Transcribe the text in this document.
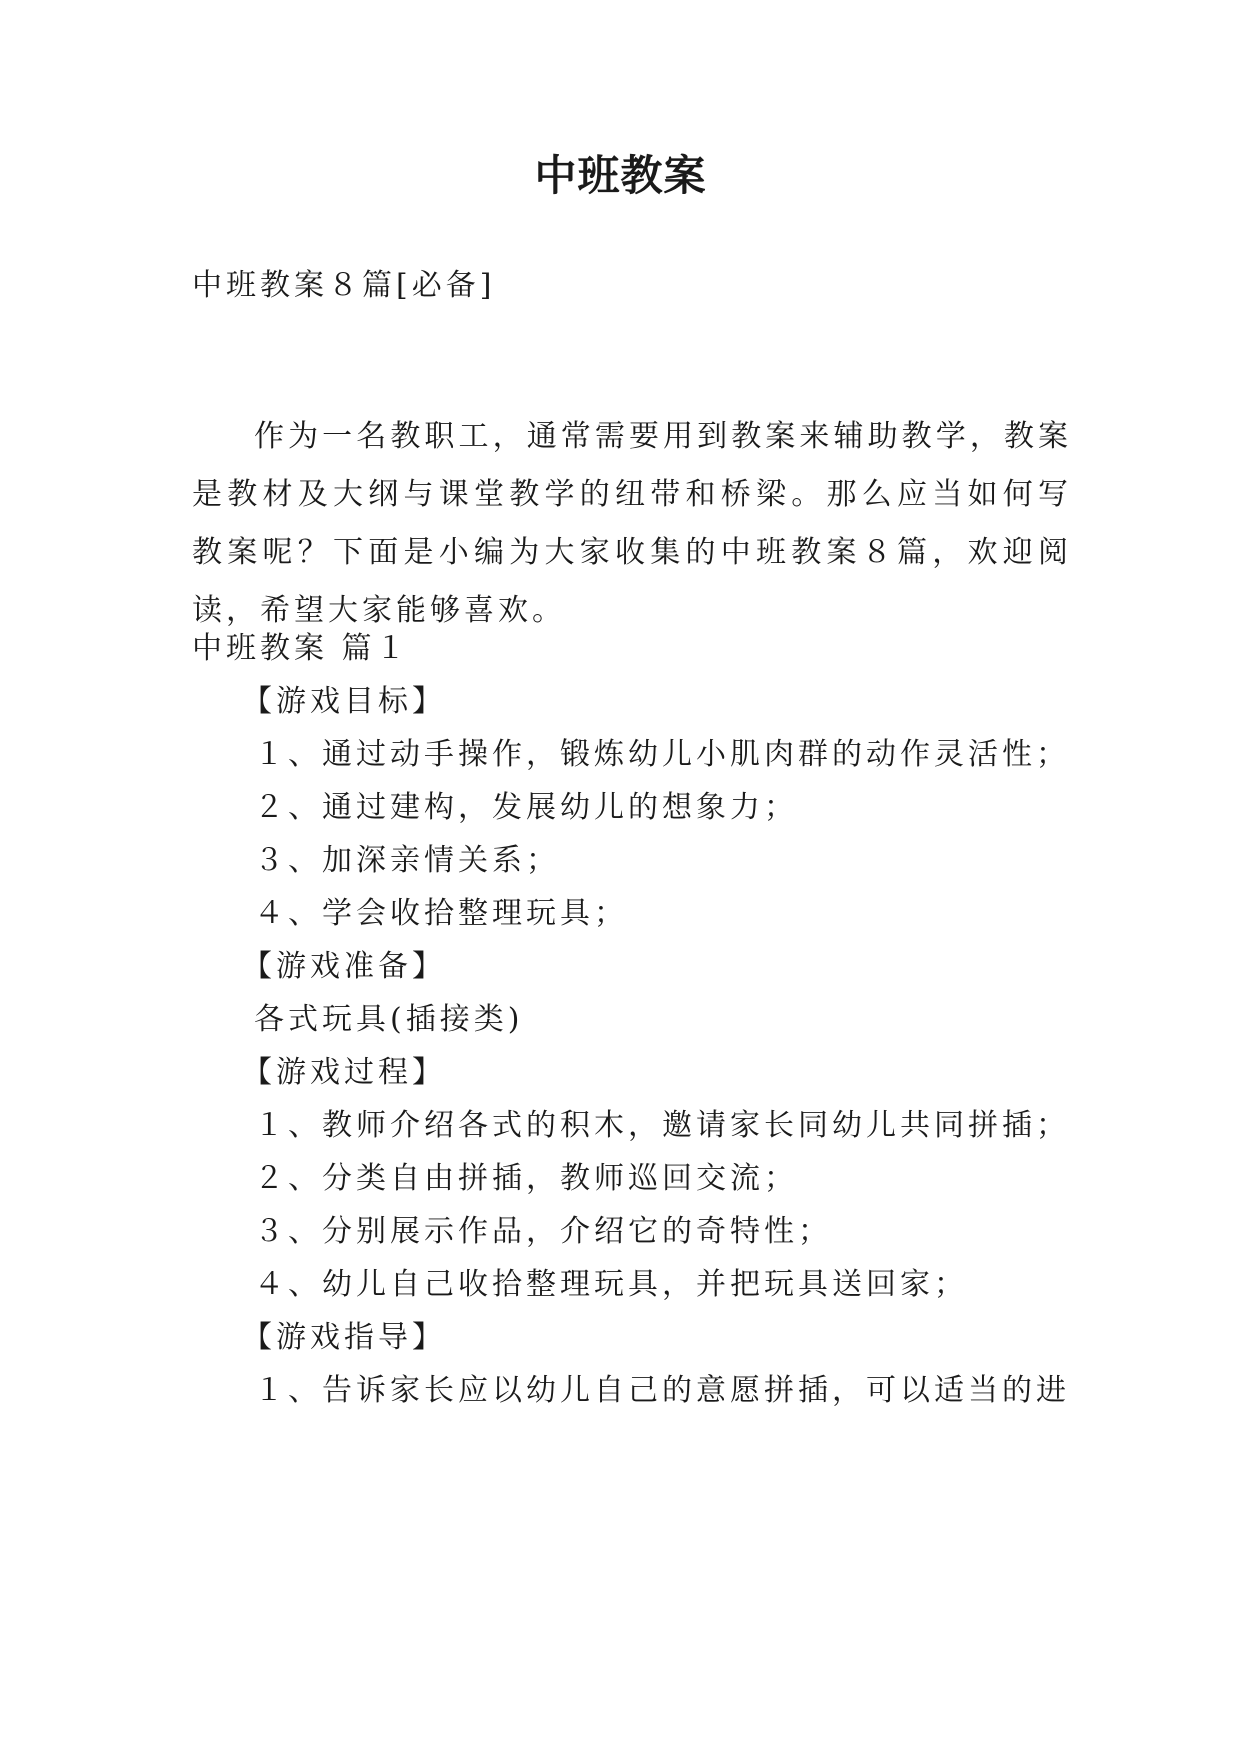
中班教案
中班教案８篇[必备]
作为一名教职工，通常需要用到教案来辅助教学，教案是教材及大纲与课堂教学的纽带和桥梁。那么应当如何写教案呢？下面是小编为大家收集的中班教案８篇，欢迎阅读，希望大家能够喜欢。
中班教案 篇１
【游戏目标】
１、通过动手操作，锻炼幼儿小肌肉群的动作灵活性；
２、通过建构，发展幼儿的想象力；
３、加深亲情关系；
４、学会收拾整理玩具；
【游戏准备】
各式玩具(插接类)
【游戏过程】
１、教师介绍各式的积木，邀请家长同幼儿共同拼插；
２、分类自由拼插，教师巡回交流；
３、分别展示作品，介绍它的奇特性；
４、幼儿自己收拾整理玩具，并把玩具送回家；
【游戏指导】
１、告诉家长应以幼儿自己的意愿拼插，可以适当的进
